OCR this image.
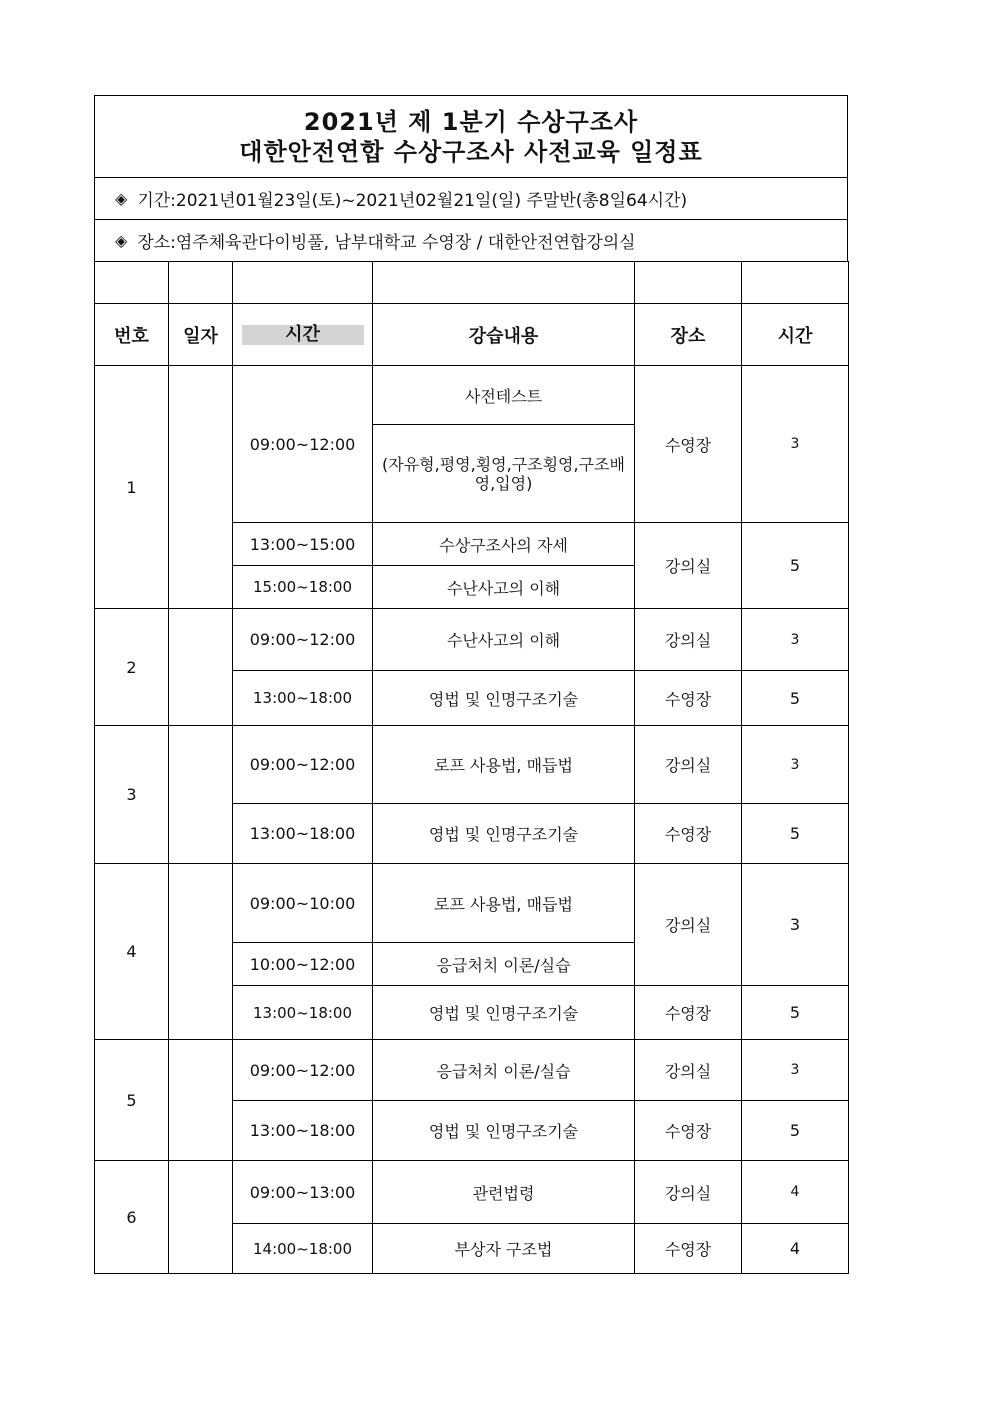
2021년 제 1분기 수상구조사
대한안전연합 수상구조사 사전교육 일정표
◈ 기간:2021년01월23일(토)~2021년02월21일(일) 주말반(총8일64시간)
◈ 장소:염주체육관다이빙풀, 남부대학교 수영장 / 대한안전연합강의실

번호	일자	시간	강습내용	장소	시간
1		09:00~12:00	사전테스트	수영장	3
			(자유형,평영,횡영,구조횡영,구조배영,입영)		
		13:00~15:00	수상구조사의 자세	강의실	5
		15:00~18:00	수난사고의 이해		
2		09:00~12:00	수난사고의 이해	강의실	3
		13:00~18:00	영법 및 인명구조기술	수영장	5
3		09:00~12:00	로프 사용법, 매듭법	강의실	3
		13:00~18:00	영법 및 인명구조기술	수영장	5
4		09:00~10:00	로프 사용법, 매듭법	강의실	3
		10:00~12:00	응급처치 이론/실습		
		13:00~18:00	영법 및 인명구조기술	수영장	5
5		09:00~12:00	응급처치 이론/실습	강의실	3
		13:00~18:00	영법 및 인명구조기술	수영장	5
6		09:00~13:00	관련법령	강의실	4
		14:00~18:00	부상자 구조법	수영장	4
